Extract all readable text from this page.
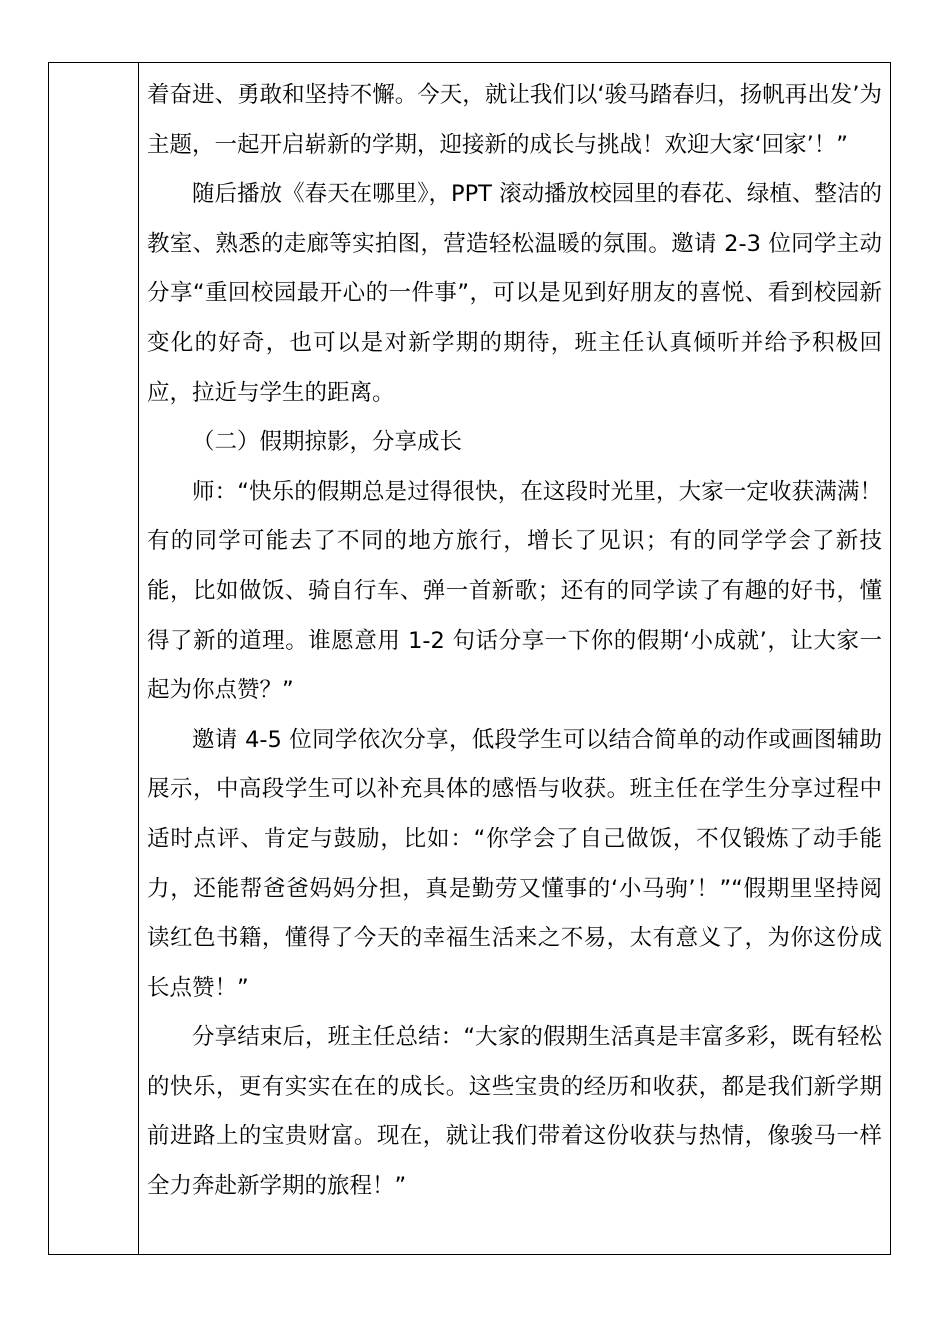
着奋进、勇敢和坚持不懈。今天，就让我们以‘骏马踏春归，扬帆再出发’为主题，一起开启崭新的学期，迎接新的成长与挑战！欢迎大家‘回家’！”

随后播放《春天在哪里》，PPT 滚动播放校园里的春花、绿植、整洁的教室、熟悉的走廊等实拍图，营造轻松温暖的氛围。邀请 2-3 位同学主动分享“重回校园最开心的一件事”，可以是见到好朋友的喜悦、看到校园新变化的好奇，也可以是对新学期的期待，班主任认真倾听并给予积极回应，拉近与学生的距离。

（二）假期掠影，分享成长

师：“快乐的假期总是过得很快，在这段时光里，大家一定收获满满！有的同学可能去了不同的地方旅行，增长了见识；有的同学学会了新技能，比如做饭、骑自行车、弹一首新歌；还有的同学读了有趣的好书，懂得了新的道理。谁愿意用 1-2 句话分享一下你的假期‘小成就’，让大家一起为你点赞？”

邀请 4-5 位同学依次分享，低段学生可以结合简单的动作或画图辅助展示，中高段学生可以补充具体的感悟与收获。班主任在学生分享过程中适时点评、肯定与鼓励，比如：“你学会了自己做饭，不仅锻炼了动手能力，还能帮爸爸妈妈分担，真是勤劳又懂事的‘小马驹’！”“假期里坚持阅读红色书籍，懂得了今天的幸福生活来之不易，太有意义了，为你这份成长点赞！”

分享结束后，班主任总结：“大家的假期生活真是丰富多彩，既有轻松的快乐，更有实实在在的成长。这些宝贵的经历和收获，都是我们新学期前进路上的宝贵财富。现在，就让我们带着这份收获与热情，像骏马一样全力奔赴新学期的旅程！”
